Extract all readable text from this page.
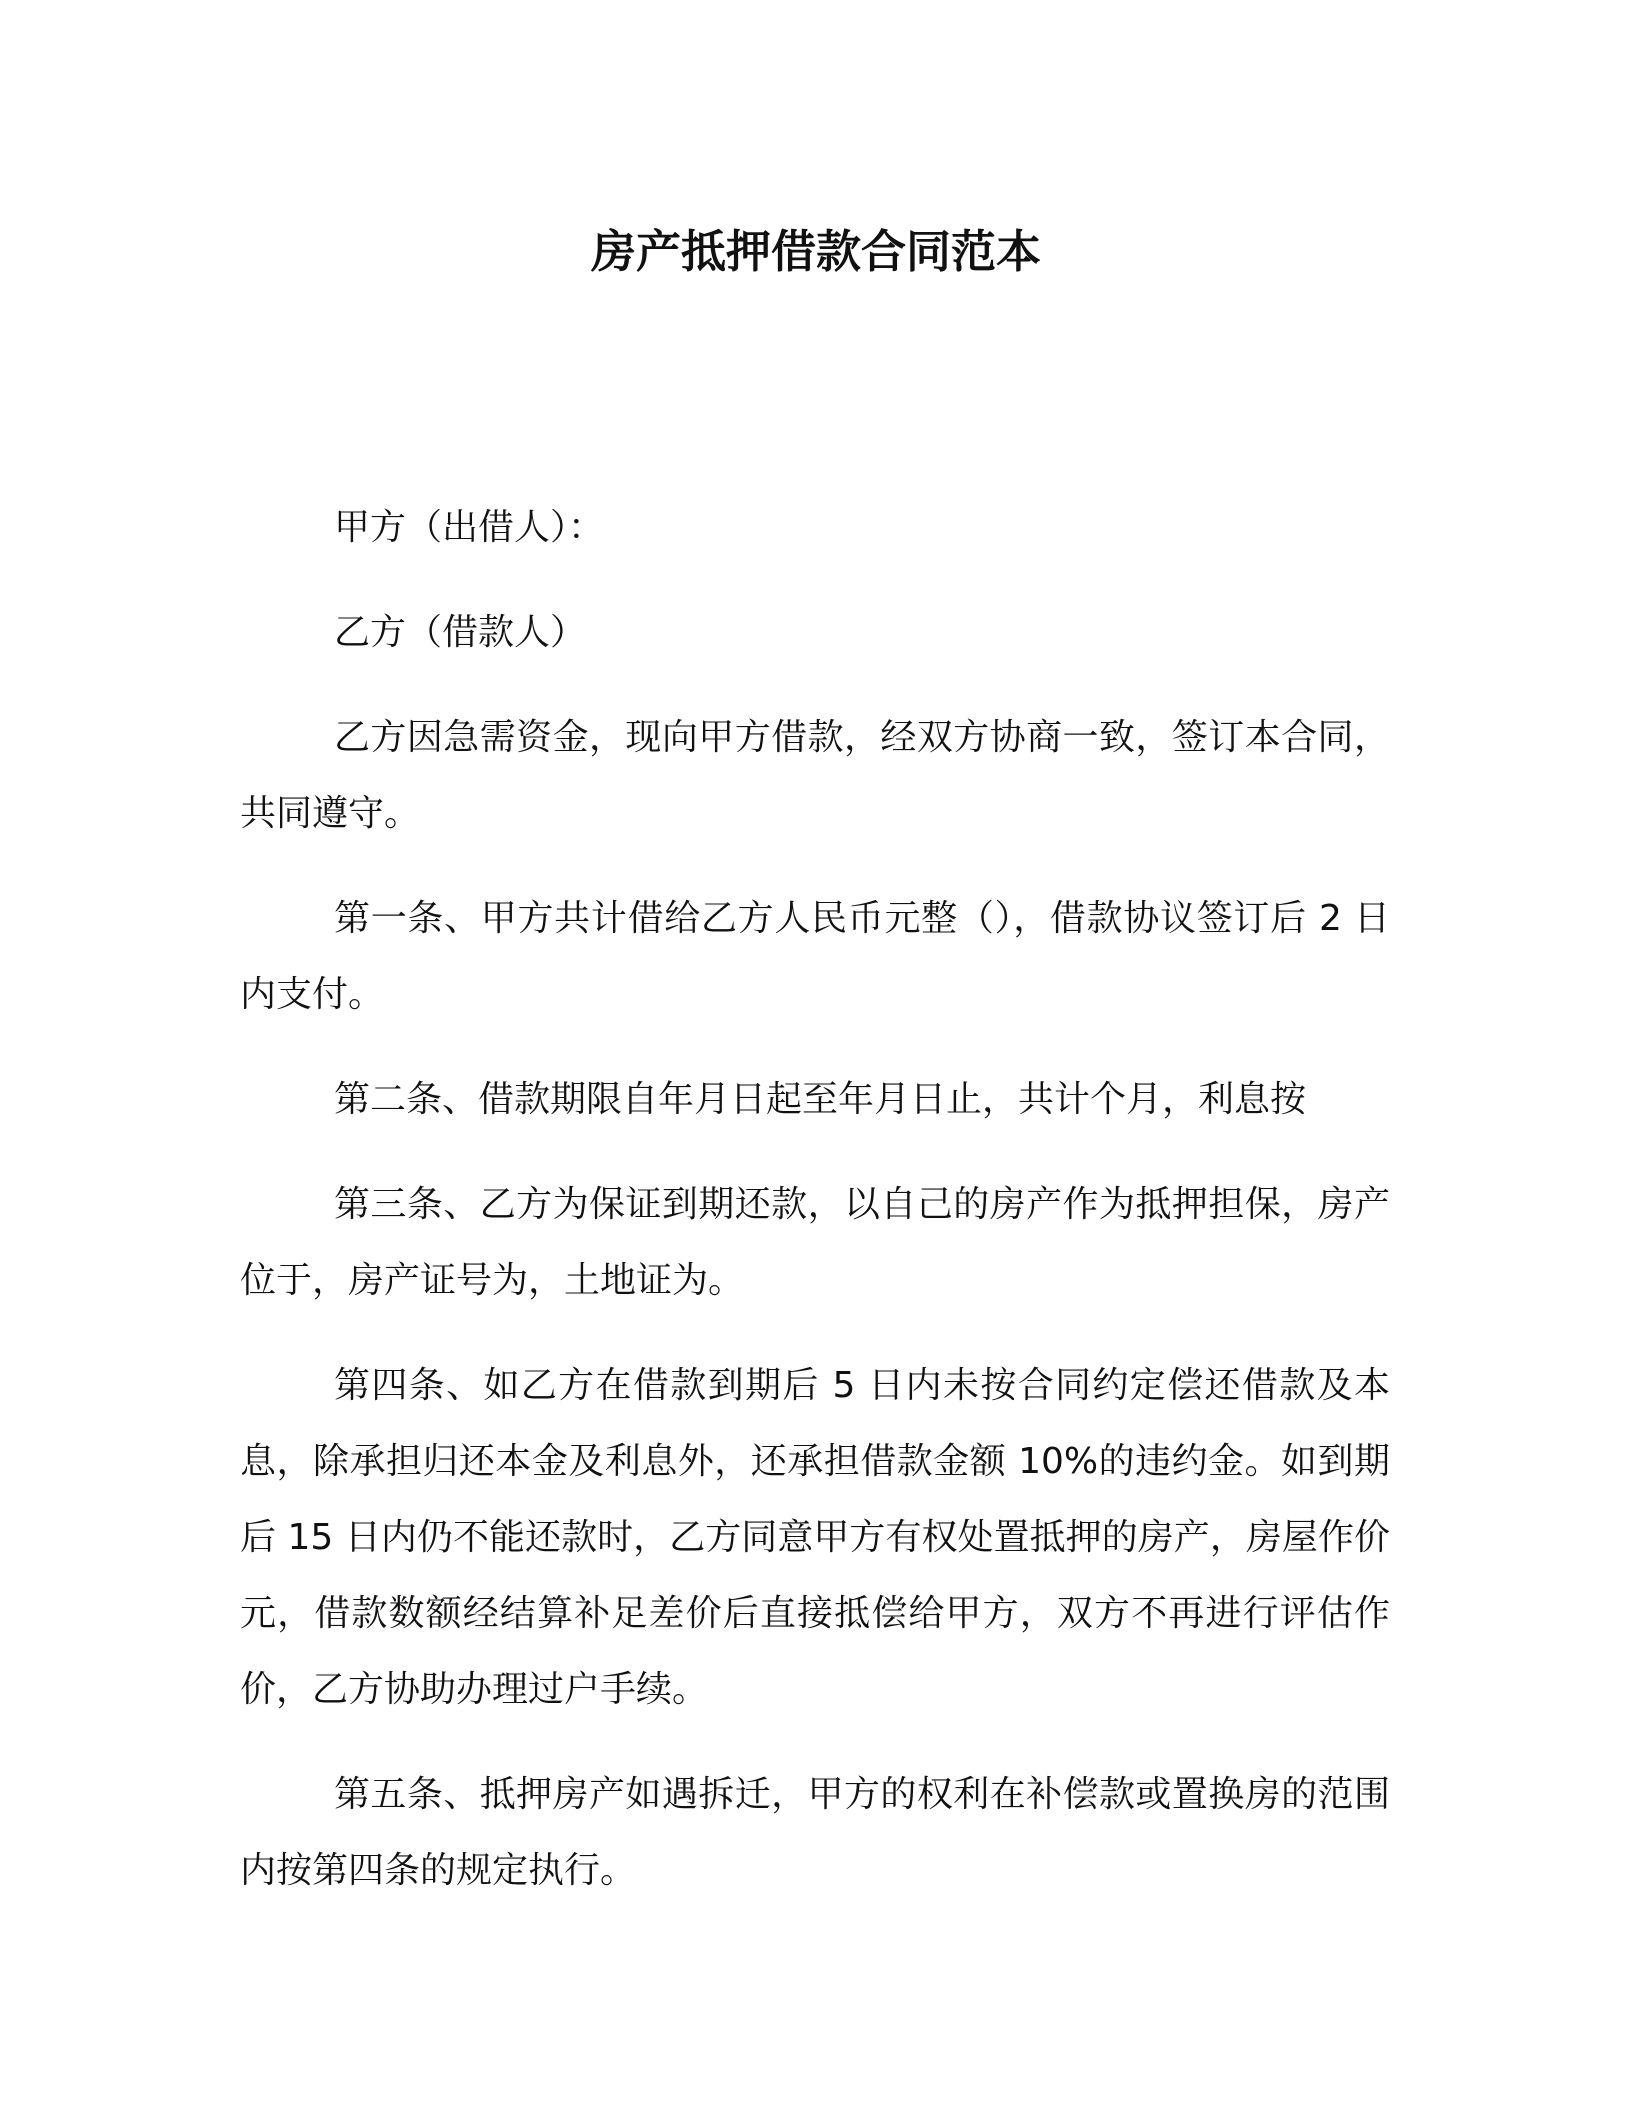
房产抵押借款合同范本

甲方（出借人）：

乙方（借款人）

乙方因急需资金，现向甲方借款，经双方协商一致，签订本合同，共同遵守。

第一条、甲方共计借给乙方人民币元整（），借款协议签订后 2 日内支付。

第二条、借款期限自年月日起至年月日止，共计个月，利息按

第三条、乙方为保证到期还款，以自己的房产作为抵押担保，房产位于，房产证号为，土地证为。

第四条、如乙方在借款到期后 5 日内未按合同约定偿还借款及本息，除承担归还本金及利息外，还承担借款金额 10%的违约金。如到期后 15 日内仍不能还款时，乙方同意甲方有权处置抵押的房产，房屋作价元，借款数额经结算补足差价后直接抵偿给甲方，双方不再进行评估作价，乙方协助办理过户手续。

第五条、抵押房产如遇拆迁，甲方的权利在补偿款或置换房的范围内按第四条的规定执行。
